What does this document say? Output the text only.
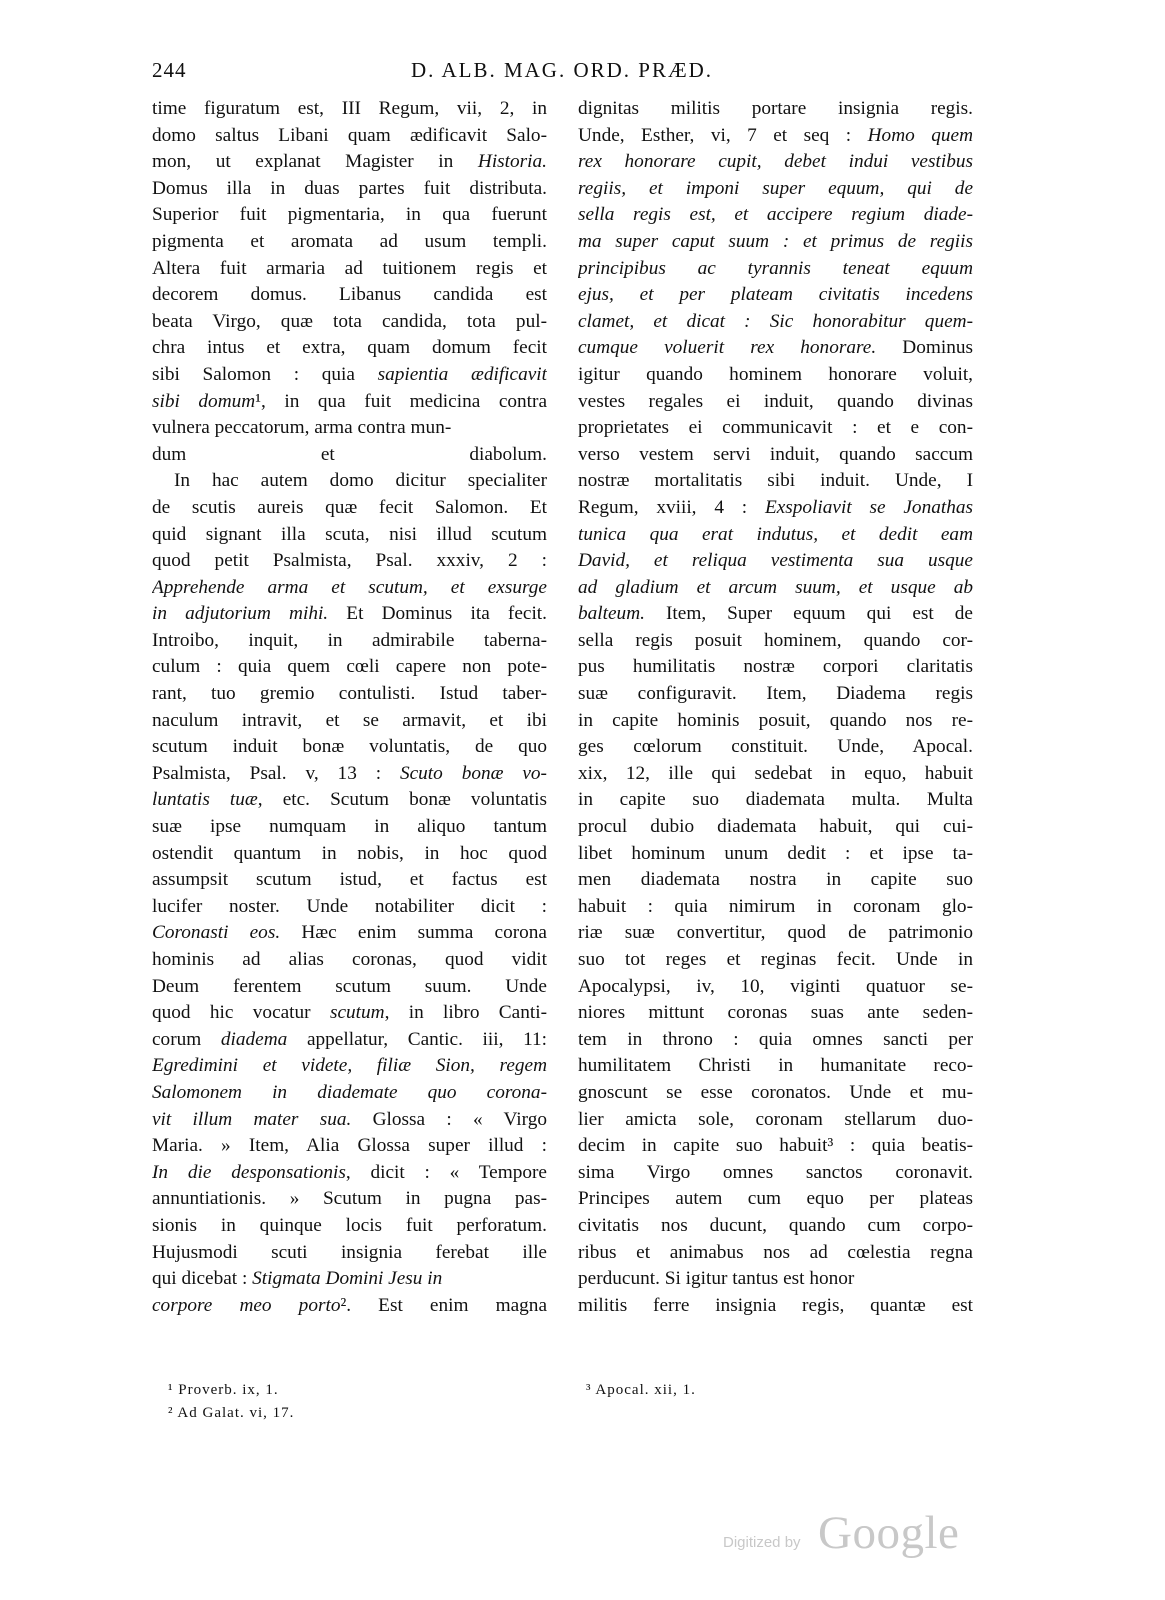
244	D. ALB. MAG. ORD. PRÆD.
time figuratum est, III Regum, vii, 2, in
domo saltus Libani quam ædificavit Salo-
mon, ut explanat Magister in Historia.
Domus illa in duas partes fuit distributa.
Superior fuit pigmentaria, in qua fuerunt
pigmenta et aromata ad usum templi.
Altera fuit armaria ad tuitionem regis et
decorem domus. Libanus candida est
beata Virgo, quæ tota candida, tota pul-
chra intus et extra, quam domum fecit
sibi Salomon : quia sapientia ædificavit
sibi domum¹, in qua fuit medicina contra
vulnera peccatorum, arma contra mun-
dum et diabolum.
In hac autem domo dicitur specialiter
de scutis aureis quæ fecit Salomon. Et
quid signant illa scuta, nisi illud scutum
quod petit Psalmista, Psal. xxxiv, 2 :
Apprehende arma et scutum, et exsurge
in adjutorium mihi. Et Dominus ita fecit.
Introibo, inquit, in admirabile taberna-
culum : quia quem cœli capere non pote-
rant, tuo gremio contulisti. Istud taber-
naculum intravit, et se armavit, et ibi
scutum induit bonæ voluntatis, de quo
Psalmista, Psal. v, 13 : Scuto bonæ vo-
luntatis tuæ, etc. Scutum bonæ voluntatis
suæ ipse numquam in aliquo tantum
ostendit quantum in nobis, in hoc quod
assumpsit scutum istud, et factus est
lucifer noster. Unde notabiliter dicit :
Coronasti eos. Hæc enim summa corona
hominis ad alias coronas, quod vidit
Deum ferentem scutum suum. Unde
quod hic vocatur scutum, in libro Canti-
corum diadema appellatur, Cantic. iii, 11:
Egredimini et videte, filiæ Sion, regem
Salomonem in diademate quo corona-
vit illum mater sua. Glossa : « Virgo
Maria. » Item, Alia Glossa super illud :
In die desponsationis, dicit : « Tempore
annuntiationis. » Scutum in pugna pas-
sionis in quinque locis fuit perforatum.
Hujusmodi scuti insignia ferebat ille
qui dicebat : Stigmata Domini Jesu in
corpore meo porto². Est enim magna
dignitas militis portare insignia regis.
Unde, Esther, vi, 7 et seq : Homo quem
rex honorare cupit, debet indui vestibus
regiis, et imponi super equum, qui de
sella regis est, et accipere regium diade-
ma super caput suum : et primus de regiis
principibus ac tyrannis teneat equum
ejus, et per plateam civitatis incedens
clamet, et dicat : Sic honorabitur quem-
cumque voluerit rex honorare. Dominus
igitur quando hominem honorare voluit,
vestes regales ei induit, quando divinas
proprietates ei communicavit : et e con-
verso vestem servi induit, quando saccum
nostræ mortalitatis sibi induit. Unde, I
Regum, xviii, 4 : Exspoliavit se Jonathas
tunica qua erat indutus, et dedit eam
David, et reliqua vestimenta sua usque
ad gladium et arcum suum, et usque ab
balteum. Item, Super equum qui est de
sella regis posuit hominem, quando cor-
pus humilitatis nostræ corpori claritatis
suæ configuravit. Item, Diadema regis
in capite hominis posuit, quando nos re-
ges cœlorum constituit. Unde, Apocal.
xix, 12, ille qui sedebat in equo, habuit
in capite suo diademata multa. Multa
procul dubio diademata habuit, qui cui-
libet hominum unum dedit : et ipse ta-
men diademata nostra in capite suo
habuit : quia nimirum in coronam glo-
riæ suæ convertitur, quod de patrimonio
suo tot reges et reginas fecit. Unde in
Apocalypsi, iv, 10, viginti quatuor se-
niores mittunt coronas suas ante seden-
tem in throno : quia omnes sancti per
humilitatem Christi in humanitate reco-
gnoscunt se esse coronatos. Unde et mu-
lier amicta sole, coronam stellarum duo-
decim in capite suo habuit³ : quia beatis-
sima Virgo omnes sanctos coronavit.
Principes autem cum equo per plateas
civitatis nos ducunt, quando cum corpo-
ribus et animabus nos ad cœlestia regna
perducunt. Si igitur tantus est honor
militis ferre insignia regis, quantæ est
¹ Proverb. ix, 1.
² Ad Galat. vi, 17.
³ Apocal. xii, 1.
Digitized by Google
